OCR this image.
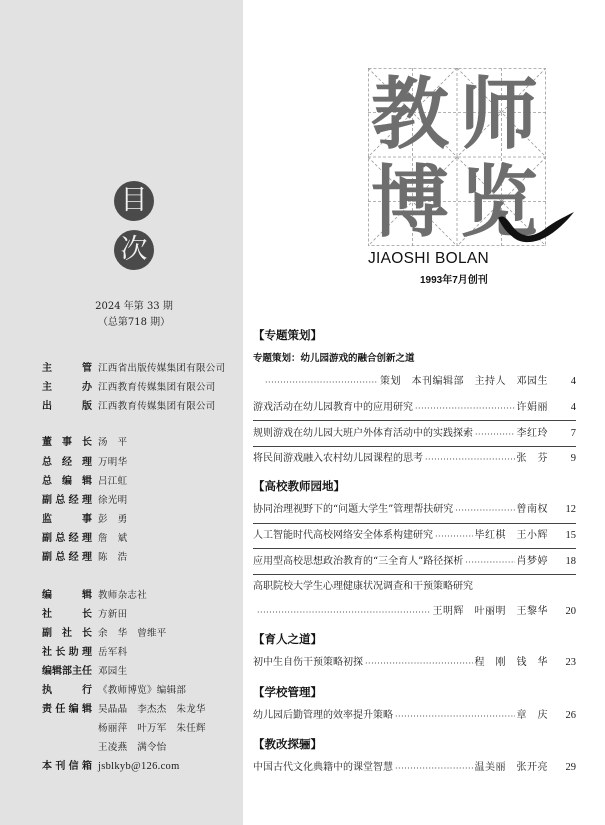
目
次
2024 年第 33 期
（总第718 期）
主管 江西省出版传媒集团有限公司
主办 江西教育传媒集团有限公司
出版 江西教育传媒集团有限公司
董事长 汤　平
总经理 万明华
总编辑 吕江虹
副总经理 徐光明
监事 彭　勇
副总经理 詹　斌
副总经理 陈　浩
编辑 教师杂志社
社长 方新田
副社长 余　华　曾维平
社长助理 岳军科
编辑部主任 邓园生
执行 《教师博览》编辑部
责任编辑 吴晶晶　李杰杰　朱龙华
杨丽萍　叶万军　朱任辉
王凌燕　满令怡
本刊信箱 jsblkyb@126.com
教 师
博 览
JIAOSHI BOLAN
1993年7月创刊
【专题策划】
专题策划：幼儿园游戏的融合创新之道
·····
策划　本刊编辑部　主持人　邓园生	4
游戏活动在幼儿园教育中的应用研究 ·····	许娟丽	4
规则游戏在幼儿园大班户外体育活动中的实践探索 ·····	李红玲	7
将民间游戏融入农村幼儿园课程的思考 ·····	张　芬	9
【高校教师园地】
协同治理视野下的“问题大学生”管理帮扶研究 ·····	曾南权	12
人工智能时代高校网络安全体系构建研究 ·····	毕红棋　王小辉	15
应用型高校思想政治教育的“三全育人”路径探析 ·····	肖梦婷	18
高职院校大学生心理健康状况调查和干预策略研究
·····
王明辉　叶丽明　王黎华	20
【育人之道】
初中生自伤干预策略初探 ·····	程　刚　钱　华	23
【学校管理】
幼儿园后勤管理的效率提升策略 ·····	章　庆	26
【教改探骊】
中国古代文化典籍中的课堂智慧 ·····	温美丽　张开亮	29
